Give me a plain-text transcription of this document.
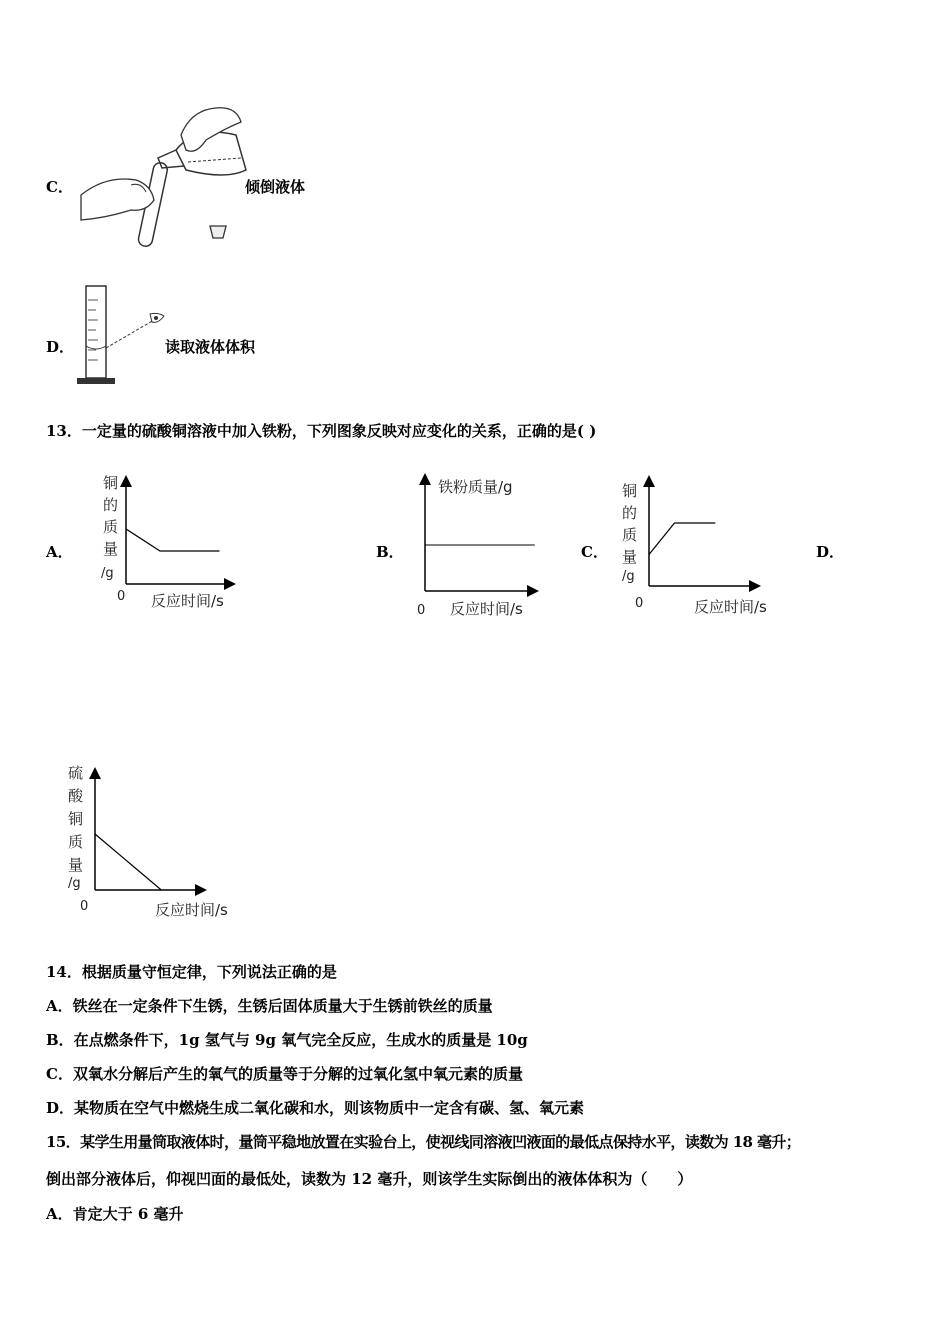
C．	倾倒液体
D．	读取液体体积
13．一定量的硫酸铜溶液中加入铁粉，下列图象反映对应变化的关系，正确的是( )
A．	B．	C．	D．
铜
的
质
量
/g
0 反应时间/s
铁粉质量/g
0 反应时间/s
铜
的
质
量
/g
0	反应时间/s
硫
酸
铜
质
量
/g
0	反应时间/s
14．根据质量守恒定律，下列说法正确的是
A．铁丝在一定条件下生锈，生锈后固体质量大于生锈前铁丝的质量
B．在点燃条件下，1g 氢气与 9g 氧气完全反应，生成水的质量是 10g
C．双氧水分解后产生的氧气的质量等于分解的过氧化氢中氧元素的质量
D．某物质在空气中燃烧生成二氧化碳和水，则该物质中一定含有碳、氢、氧元素
15．某学生用量筒取液体时，量筒平稳地放置在实验台上，使视线同溶液凹液面的最低点保持水平，读数为 18 毫升；
倒出部分液体后，仰视凹面的最低处，读数为 12 毫升，则该学生实际倒出的液体体积为（　　）
A．肯定大于 6 毫升
